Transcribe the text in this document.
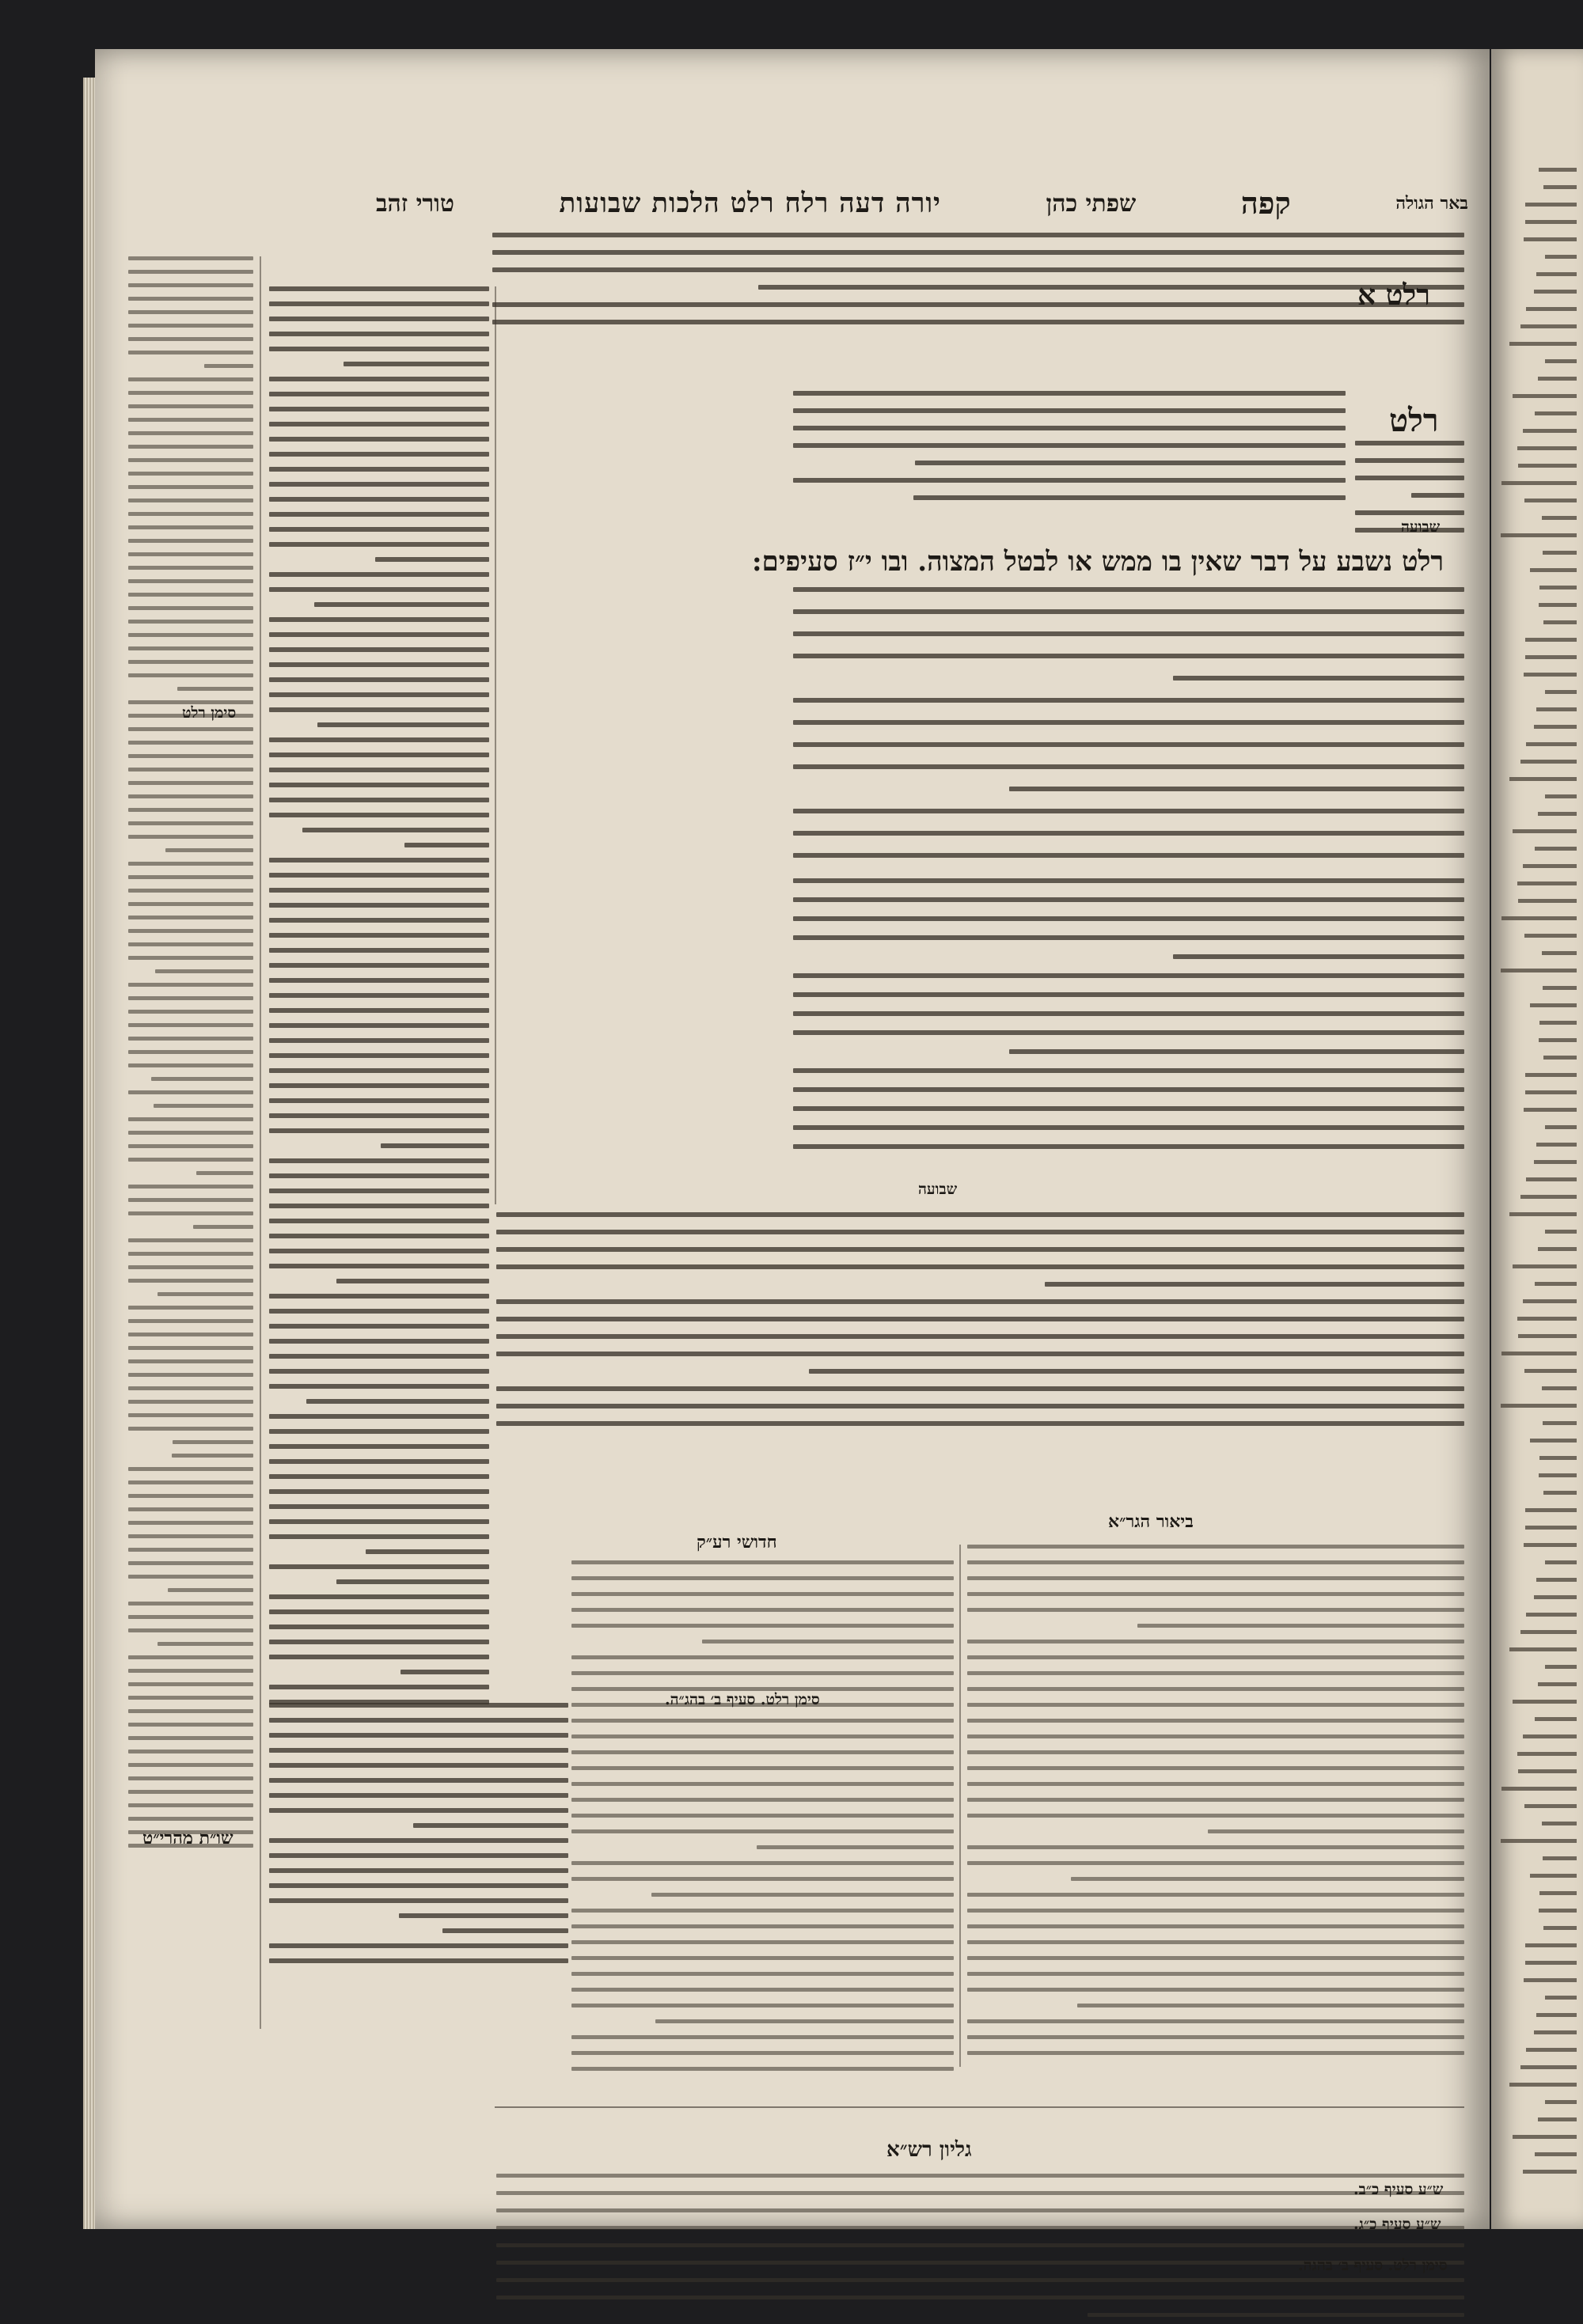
באר הגולה
קפה
שפתי כהן
יורה דעה רלח רלט הלכות שבועות
טורי זהב
רלט
רלט א
רלט נשבע על דבר שאין בו ממש או לבטל המצוה. ובו י״ז סעיפים:
סימן רלט
שו״ת מהרי״ט
שבועה
שבועה
ביאור הגר״א
חדושי רע״ק
סימן רלט. סעיף ב׳ בהג״ה.
גליון רש״א
ש״ע סעיף כ״ב.
ש״ע סעיף כ״ג.
סימן רלט. סעיף ב׳ בהגה.
